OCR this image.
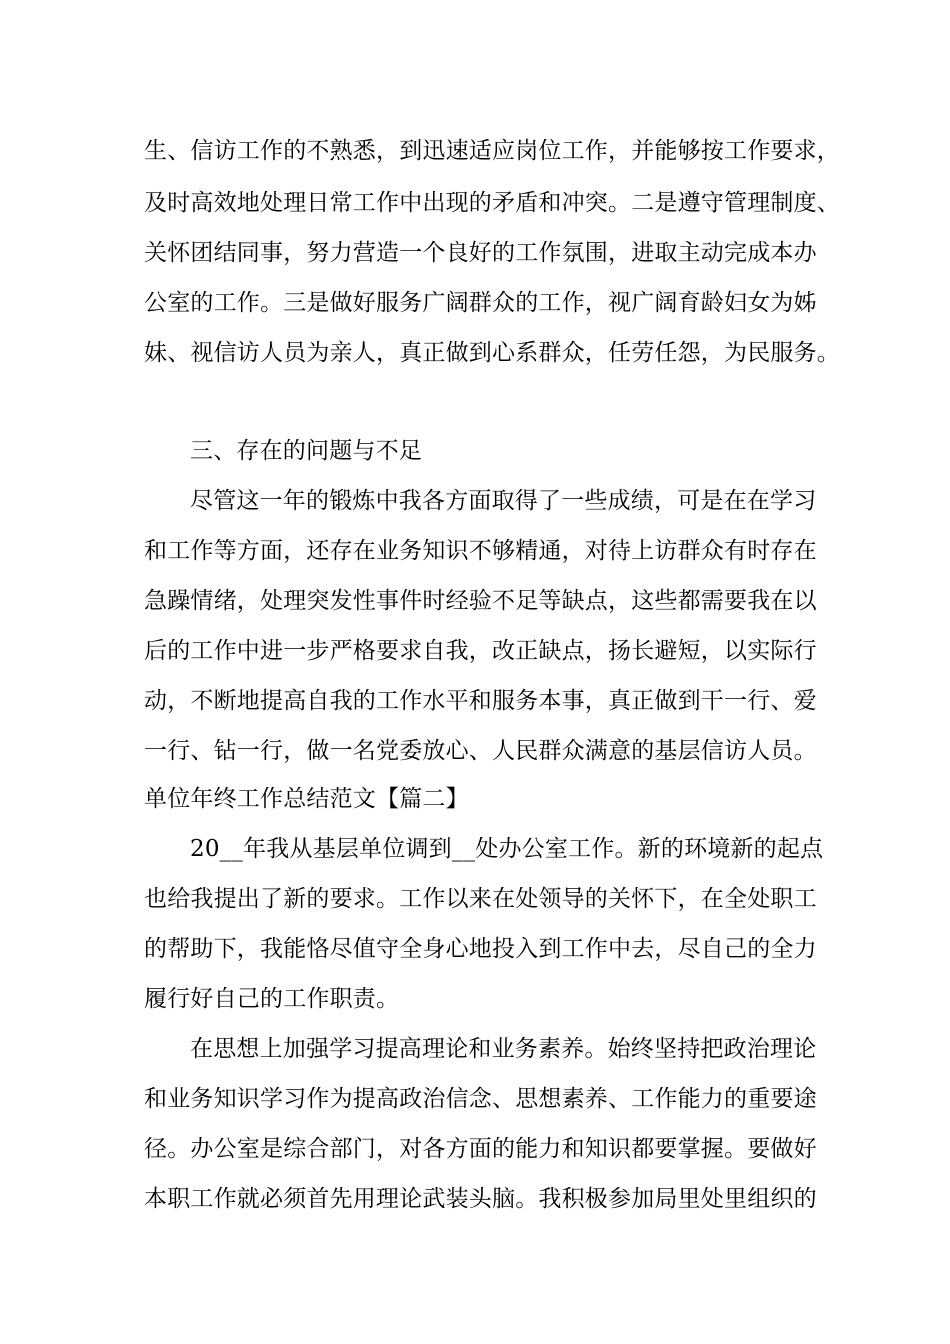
生、信访工作的不熟悉，到迅速适应岗位工作，并能够按工作要求，
及时高效地处理日常工作中出现的矛盾和冲突。二是遵守管理制度、
关怀团结同事，努力营造一个良好的工作氛围，进取主动完成本办
公室的工作。三是做好服务广阔群众的工作，视广阔育龄妇女为姊
妹、视信访人员为亲人，真正做到心系群众，任劳任怨，为民服务。
三、存在的问题与不足
尽管这一年的锻炼中我各方面取得了一些成绩，可是在在学习
和工作等方面，还存在业务知识不够精通，对待上访群众有时存在
急躁情绪，处理突发性事件时经验不足等缺点，这些都需要我在以
后的工作中进一步严格要求自我，改正缺点，扬长避短，以实际行
动，不断地提高自我的工作水平和服务本事，真正做到干一行、爱
一行、钻一行，做一名党委放心、人民群众满意的基层信访人员。
单位年终工作总结范文【篇二】
20__年我从基层单位调到__处办公室工作。新的环境新的起点
也给我提出了新的要求。工作以来在处领导的关怀下，在全处职工
的帮助下，我能恪尽值守全身心地投入到工作中去，尽自己的全力
履行好自己的工作职责。
在思想上加强学习提高理论和业务素养。始终坚持把政治理论
和业务知识学习作为提高政治信念、思想素养、工作能力的重要途
径。办公室是综合部门，对各方面的能力和知识都要掌握。要做好
本职工作就必须首先用理论武装头脑。我积极参加局里处里组织的
